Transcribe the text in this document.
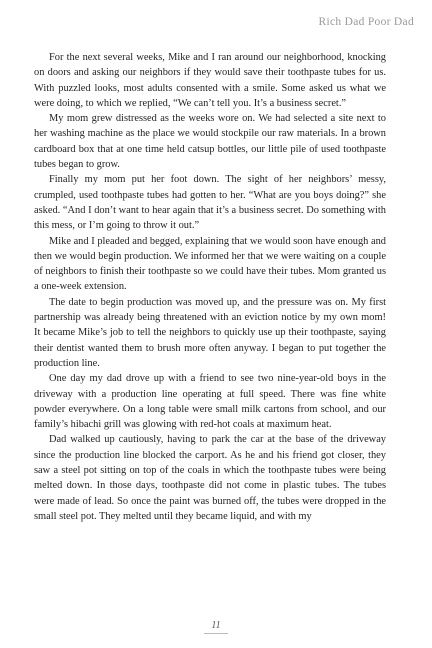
Rich Dad Poor Dad

For the next several weeks, Mike and I ran around our neighborhood, knocking on doors and asking our neighbors if they would save their toothpaste tubes for us. With puzzled looks, most adults consented with a smile. Some asked us what we were doing, to which we replied, “We can’t tell you. It’s a business secret.”

My mom grew distressed as the weeks wore on. We had selected a site next to her washing machine as the place we would stockpile our raw materials. In a brown cardboard box that at one time held catsup bottles, our little pile of used toothpaste tubes began to grow.

Finally my mom put her foot down. The sight of her neighbors’ messy, crumpled, used toothpaste tubes had gotten to her. “What are you boys doing?” she asked. “And I don’t want to hear again that it’s a business secret. Do something with this mess, or I’m going to throw it out.”

Mike and I pleaded and begged, explaining that we would soon have enough and then we would begin production. We informed her that we were waiting on a couple of neighbors to finish their toothpaste so we could have their tubes. Mom granted us a one-week extension.

The date to begin production was moved up, and the pressure was on. My first partnership was already being threatened with an eviction notice by my own mom! It became Mike’s job to tell the neighbors to quickly use up their toothpaste, saying their dentist wanted them to brush more often anyway. I began to put together the production line.

One day my dad drove up with a friend to see two nine-year-old boys in the driveway with a production line operating at full speed. There was fine white powder everywhere. On a long table were small milk cartons from school, and our family’s hibachi grill was glowing with red-hot coals at maximum heat.

Dad walked up cautiously, having to park the car at the base of the driveway since the production line blocked the carport. As he and his friend got closer, they saw a steel pot sitting on top of the coals in which the toothpaste tubes were being melted down. In those days, toothpaste did not come in plastic tubes. The tubes were made of lead. So once the paint was burned off, the tubes were dropped in the small steel pot. They melted until they became liquid, and with my

11
